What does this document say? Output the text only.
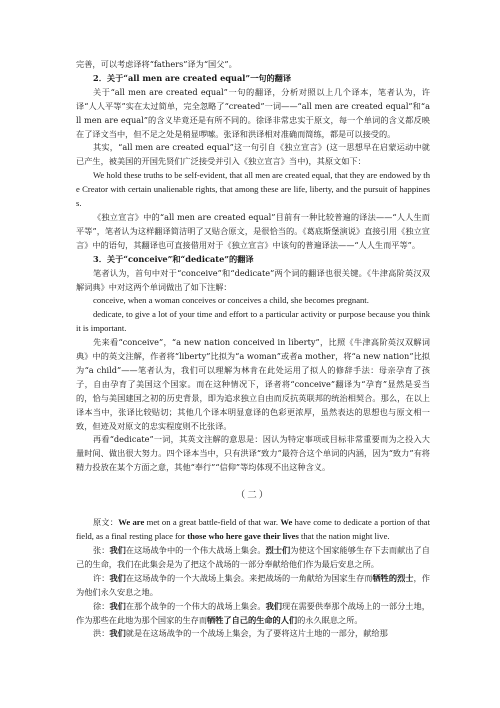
完善，可以考虑译将“fathers”译为“国父”。

2．关于“all men are created equal”一句的翻译

关于“all men are created equal”一句的翻译，分析对照以上几个译本，笔者认为，许译“人人平等”实在太过简单，完全忽略了“created”一词——“all men are created equal”和“all men are equal”的含义毕竟还是有所不同的。徐译非常忠实于原文，每一个单词的含义都反映在了译文当中，但不足之处是稍显啰嗦。张译和洪译相对准确而简练，都是可以接受的。

其实，“all men are created equal”这一句引自《独立宣言》(这一思想早在启蒙运动中就已产生，被美国的开国先贤们广泛接受并引入《独立宣言》当中)，其原文如下：

We hold these truths to be self-evident, that all men are created equal, that they are endowed by the Creator with certain unalienable rights, that among these are life, liberty, and the pursuit of happiness.

《独立宣言》中的“all men are created equal”目前有一种比较普遍的译法——“人人生而平等”，笔者认为这样翻译简洁明了又贴合原文，是很恰当的。《葛底斯堡演说》直接引用《独立宣言》中的语句，其翻译也可直接借用对于《独立宣言》中该句的普遍译法——“人人生而平等”。

3．关于“conceive”和“dedicate”的翻译

笔者认为，首句中对于“conceive”和“dedicate”两个词的翻译也很关键。《牛津高阶英汉双解词典》中对这两个单词做出了如下注解：

conceive, when a woman conceives or conceives a child, she becomes pregnant.

dedicate, to give a lot of your time and effort to a particular activity or purpose because you think it is important.

先来看“conceive”，“a new nation conceived in liberty”，比照《牛津高阶英汉双解词典》中的英文注解，作者将“liberty”比拟为“a woman”或者a mother，将“a new nation”比拟为“a child”——笔者认为，我们可以理解为林肯在此处运用了拟人的修辞手法：母亲孕育了孩子，自由孕育了美国这个国家。而在这种情况下，译者将“conceive”翻译为“孕育”显然是妥当的，恰与美国建国之初的历史背景，即为追求独立自由而反抗英联邦的统治相契合。那么，在以上译本当中，张译比较贴切；其他几个译本明显意译的色彩更浓厚，虽然表达的思想也与原文相一致，但迹及对原文的忠实程度则不比张译。

再看“dedicate”一词，其英文注解的意思是：因认为特定事项或目标非常重要而为之投入大量时间、做出很大努力。四个译本当中，只有洪译“致力”最符合这个单词的内涵，因为“致力”有将精力投放在某个方面之意，其他“奉行”“信仰”等均体现不出这种含义。

（二）

原文：We are met on a great battle-field of that war. We have come to dedicate a portion of that field, as a final resting place for those who here gave their lives that the nation might live.

张：我们在这场战争中的一个伟大战场上集会。烈士们为使这个国家能够生存下去而献出了自己的生命，我们在此集会是为了把这个战场的一部分奉献给他们作为最后安息之所。

许：我们在这场战争的一个大战场上集会。来把战场的一角献给为国家生存而牺牲的烈士，作为他们永久安息之地。

徐：我们在那个战争的一个伟大的战场上集会。我们现在需要供奉那个战场上的一部分土地，作为那些在此地为那个国家的生存而牺牲了自己的生命的人们的永久眠息之所。

洪：我们就是在这场战争的一个战场上集会，为了要将这片土地的一部分，献给那
